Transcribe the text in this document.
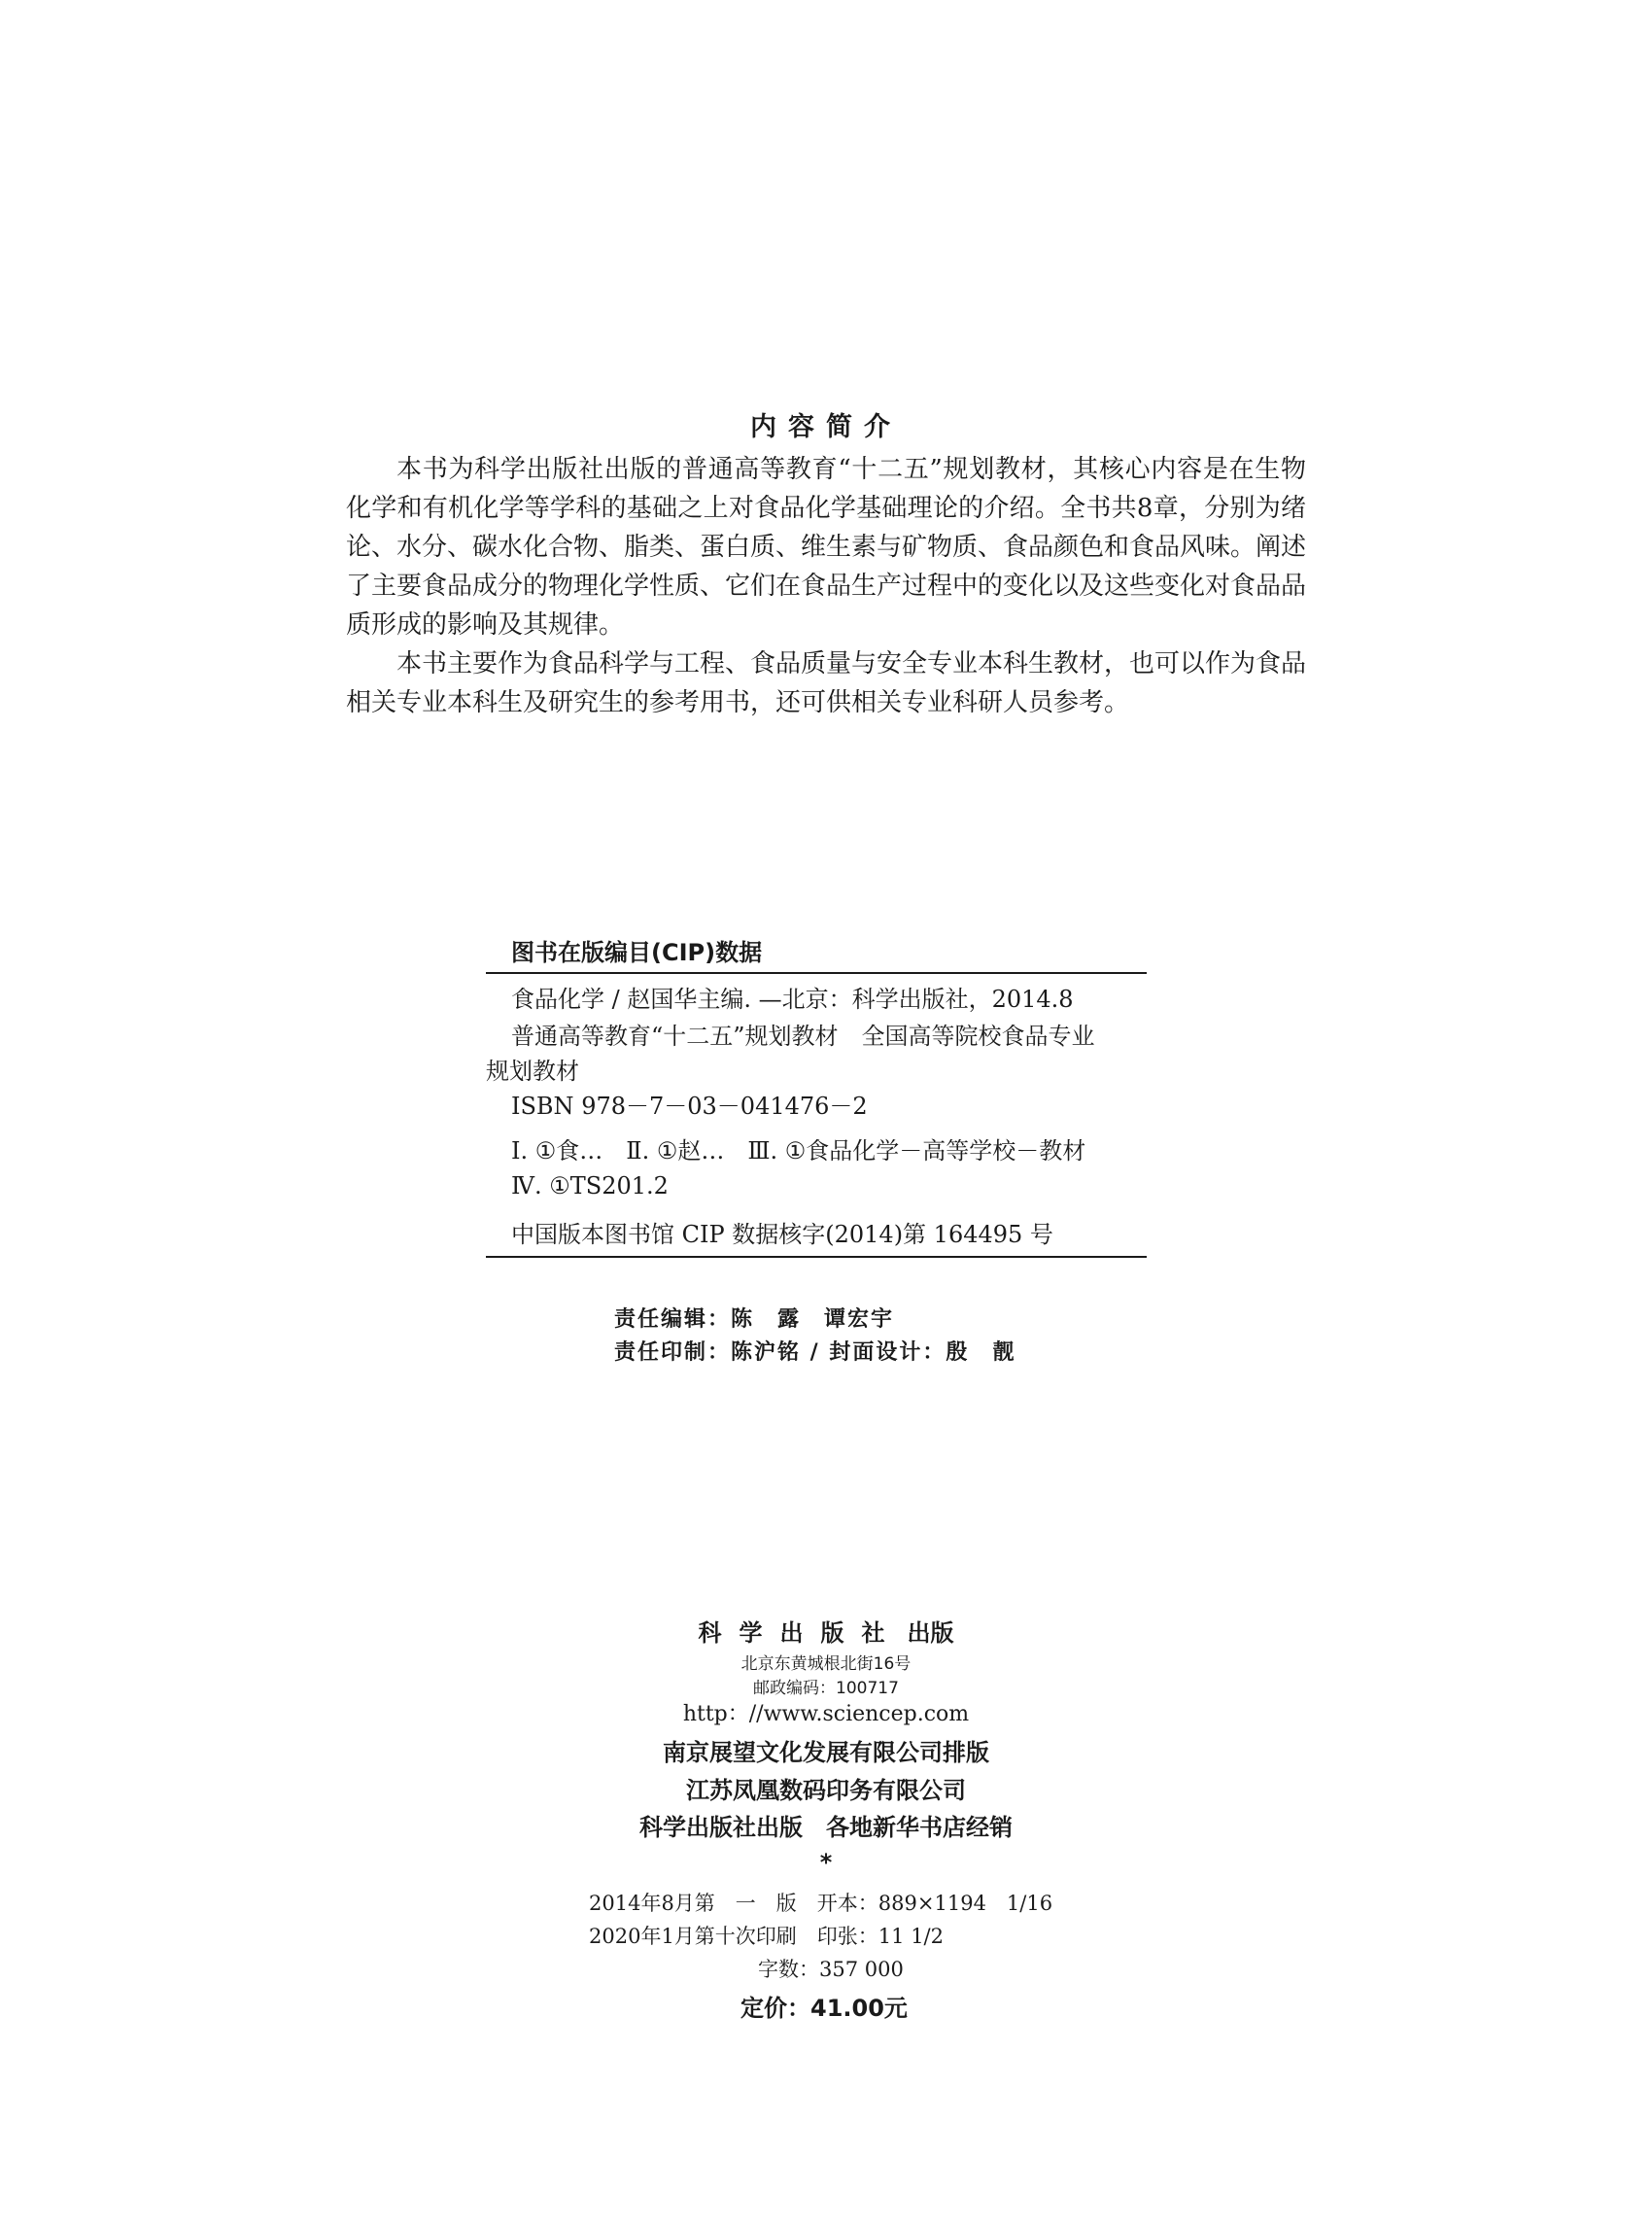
内容简介

本书为科学出版社出版的普通高等教育“十二五”规划教材，其核心内容是在生物化学和有机化学等学科的基础之上对食品化学基础理论的介绍。全书共8章，分别为绪论、水分、碳水化合物、脂类、蛋白质、维生素与矿物质、食品颜色和食品风味。阐述了主要食品成分的物理化学性质、它们在食品生产过程中的变化以及这些变化对食品品质形成的影响及其规律。

本书主要作为食品科学与工程、食品质量与安全专业本科生教材，也可以作为食品相关专业本科生及研究生的参考用书，还可供相关专业科研人员参考。

图书在版编目(CIP)数据
食品化学 / 赵国华主编. —北京：科学出版社，2014.8
普通高等教育“十二五”规划教材　全国高等院校食品专业
规划教材
ISBN 978－7－03－041476－2
Ⅰ. ①食…　Ⅱ. ①赵…　Ⅲ. ①食品化学－高等学校－教材
Ⅳ. ①TS201.2
中国版本图书馆 CIP 数据核字(2014)第 164495 号
责任编辑：陈　露　谭宏宇
责任印制：陈沪铭 / 封面设计：殷　靓
科学出版社 出版
北京东黄城根北街16号
邮政编码：100717
http：//www.sciencep.com
南京展望文化发展有限公司排版
江苏凤凰数码印务有限公司
科学出版社出版　各地新华书店经销
*
2014年8月第　一　版　开本：889×1194　1/16
2020年1月第十次印刷　印张：11 1/2
字数：357 000
定价：41.00元
